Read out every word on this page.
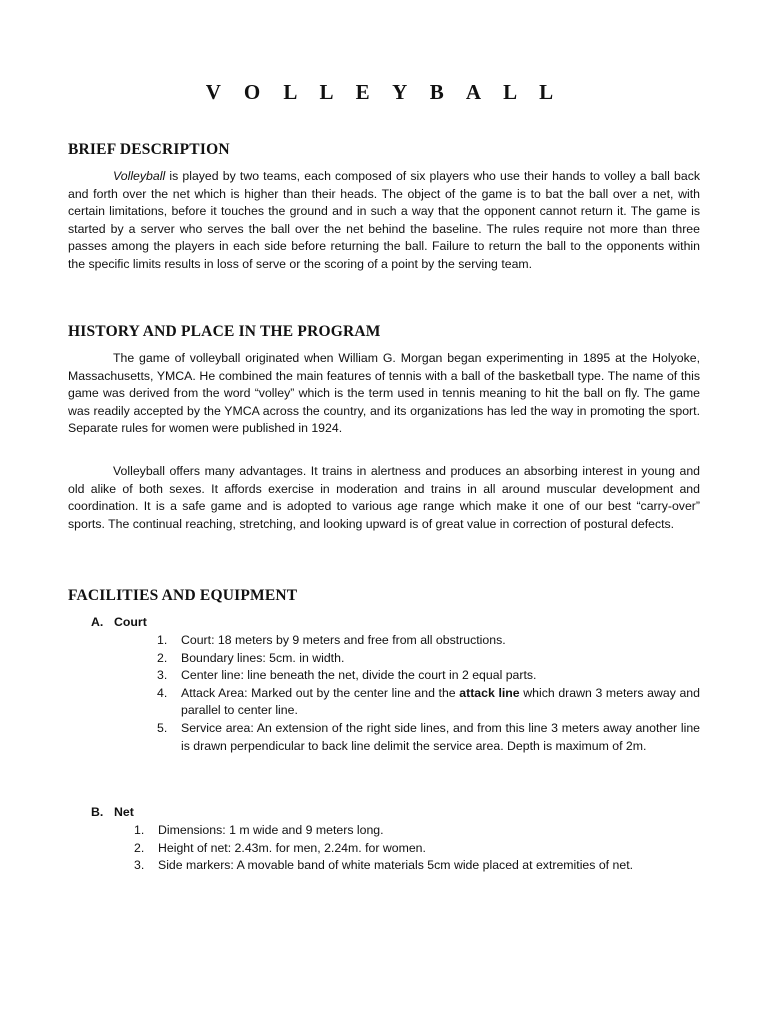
V O L L E Y B A L L
BRIEF DESCRIPTION

Volleyball is played by two teams, each composed of six players who use their hands to volley a ball back and forth over the net which is higher than their heads. The object of the game is to bat the ball over a net, with certain limitations, before it touches the ground and in such a way that the opponent cannot return it. The game is started by a server who serves the ball over the net behind the baseline. The rules require not more than three passes among the players in each side before returning the ball. Failure to return the ball to the opponents within the specific limits results in loss of serve or the scoring of a point by the serving team.

HISTORY AND PLACE IN THE PROGRAM

The game of volleyball originated when William G. Morgan began experimenting in 1895 at the Holyoke, Massachusetts, YMCA. He combined the main features of tennis with a ball of the basketball type. The name of this game was derived from the word “volley” which is the term used in tennis meaning to hit the ball on fly. The game was readily accepted by the YMCA across the country, and its organizations has led the way in promoting the sport. Separate rules for women were published in 1924.

Volleyball offers many advantages. It trains in alertness and produces an absorbing interest in young and old alike of both sexes. It affords exercise in moderation and trains in all around muscular development and coordination. It is a safe game and is adopted to various age range which make it one of our best “carry-over” sports. The continual reaching, stretching, and looking upward is of great value in correction of postural defects.

FACILITIES AND EQUIPMENT
A. Court
1. Court: 18 meters by 9 meters and free from all obstructions.
2. Boundary lines: 5cm. in width.
3. Center line: line beneath the net, divide the court in 2 equal parts.
4. Attack Area: Marked out by the center line and the attack line which drawn 3 meters away and parallel to center line.
5. Service area: An extension of the right side lines, and from this line 3 meters away another line is drawn perpendicular to back line delimit the service area. Depth is maximum of 2m.
B. Net
1. Dimensions: 1 m wide and 9 meters long.
2. Height of net: 2.43m. for men, 2.24m. for women.
3. Side markers: A movable band of white materials 5cm wide placed at extremities of net.
